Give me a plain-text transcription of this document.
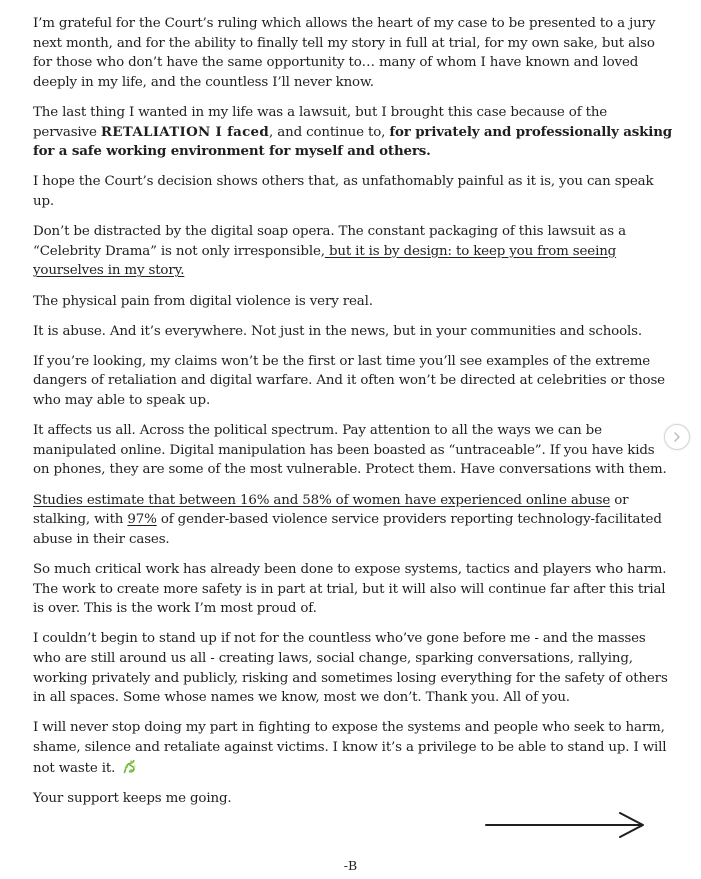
I’m grateful for the Court’s ruling which allows the heart of my case to be presented to a jury next month, and for the ability to finally tell my story in full at trial, for my own sake, but also for those who don’t have the same opportunity to… many of whom I have known and loved deeply in my life, and the countless I’ll never know.

The last thing I wanted in my life was a lawsuit, but I brought this case because of the pervasive RETALIATION I faced, and continue to, for privately and professionally asking for a safe working environment for myself and others.

I hope the Court’s decision shows others that, as unfathomably painful as it is, you can speak up.

Don’t be distracted by the digital soap opera. The constant packaging of this lawsuit as a “Celebrity Drama” is not only irresponsible, but it is by design: to keep you from seeing yourselves in my story.

The physical pain from digital violence is very real.

It is abuse. And it’s everywhere. Not just in the news, but in your communities and schools.

If you’re looking, my claims won’t be the first or last time you’ll see examples of the extreme dangers of retaliation and digital warfare. And it often won’t be directed at celebrities or those who may able to speak up.

It affects us all. Across the political spectrum. Pay attention to all the ways we can be manipulated online. Digital manipulation has been boasted as “untraceable”. If you have kids on phones, they are some of the most vulnerable. Protect them. Have conversations with them.

Studies estimate that between 16% and 58% of women have experienced online abuse or stalking, with 97% of gender-based violence service providers reporting technology-facilitated abuse in their cases.

So much critical work has already been done to expose systems, tactics and players who harm. The work to create more safety is in part at trial, but it will also will continue far after this trial is over. This is the work I’m most proud of.

I couldn’t begin to stand up if not for the countless who’ve gone before me - and the masses who are still around us all - creating laws, social change, sparking conversations, rallying, working privately and publicly, risking and sometimes losing everything for the safety of others in all spaces. Some whose names we know, most we don’t. Thank you. All of you.

I will never stop doing my part in fighting to expose the systems and people who seek to harm, shame, silence and retaliate against victims. I know it’s a privilege to be able to stand up. I will not waste it.

Your support keeps me going.

-B
